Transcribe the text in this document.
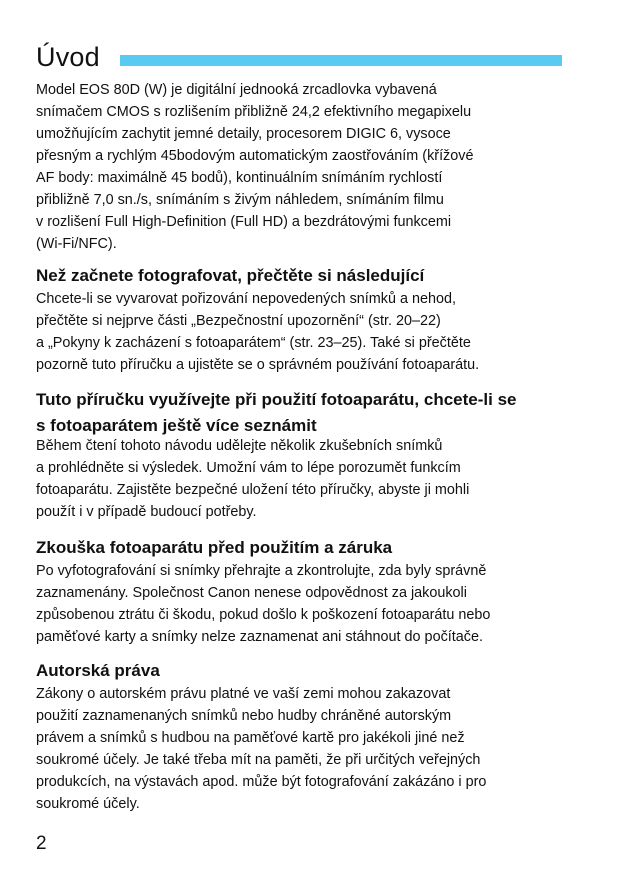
Úvod

Model EOS 80D (W) je digitální jednooká zrcadlovka vybavená
snímačem CMOS s rozlišením přibližně 24,2 efektivního megapixelu
umožňujícím zachytit jemné detaily, procesorem DIGIC 6, vysoce
přesným a rychlým 45bodovým automatickým zaostřováním (křížové
AF body: maximálně 45 bodů), kontinuálním snímáním rychlostí
přibližně 7,0 sn./s, snímáním s živým náhledem, snímáním filmu
v rozlišení Full High-Definition (Full HD) a bezdrátovými funkcemi
(Wi-Fi/NFC).

Než začnete fotografovat, přečtěte si následující

Chcete-li se vyvarovat pořizování nepovedených snímků a nehod,
přečtěte si nejprve části „Bezpečnostní upozornění“ (str. 20–22)
a „Pokyny k zacházení s fotoaparátem“ (str. 23–25). Také si přečtěte
pozorně tuto příručku a ujistěte se o správném používání fotoaparátu.

Tuto příručku využívejte při použití fotoaparátu, chcete-li se
s fotoaparátem ještě více seznámit

Během čtení tohoto návodu udělejte několik zkušebních snímků
a prohlédněte si výsledek. Umožní vám to lépe porozumět funkcím
fotoaparátu. Zajistěte bezpečné uložení této příručky, abyste ji mohli
použít i v případě budoucí potřeby.

Zkouška fotoaparátu před použitím a záruka

Po vyfotografování si snímky přehrajte a zkontrolujte, zda byly správně
zaznamenány. Společnost Canon nenese odpovědnost za jakoukoli
způsobenou ztrátu či škodu, pokud došlo k poškození fotoaparátu nebo
paměťové karty a snímky nelze zaznamenat ani stáhnout do počítače.

Autorská práva

Zákony o autorském právu platné ve vaší zemi mohou zakazovat
použití zaznamenaných snímků nebo hudby chráněné autorským
právem a snímků s hudbou na paměťové kartě pro jakékoli jiné než
soukromé účely. Je také třeba mít na paměti, že při určitých veřejných
produkcích, na výstavách apod. může být fotografování zakázáno i pro
soukromé účely.

2
